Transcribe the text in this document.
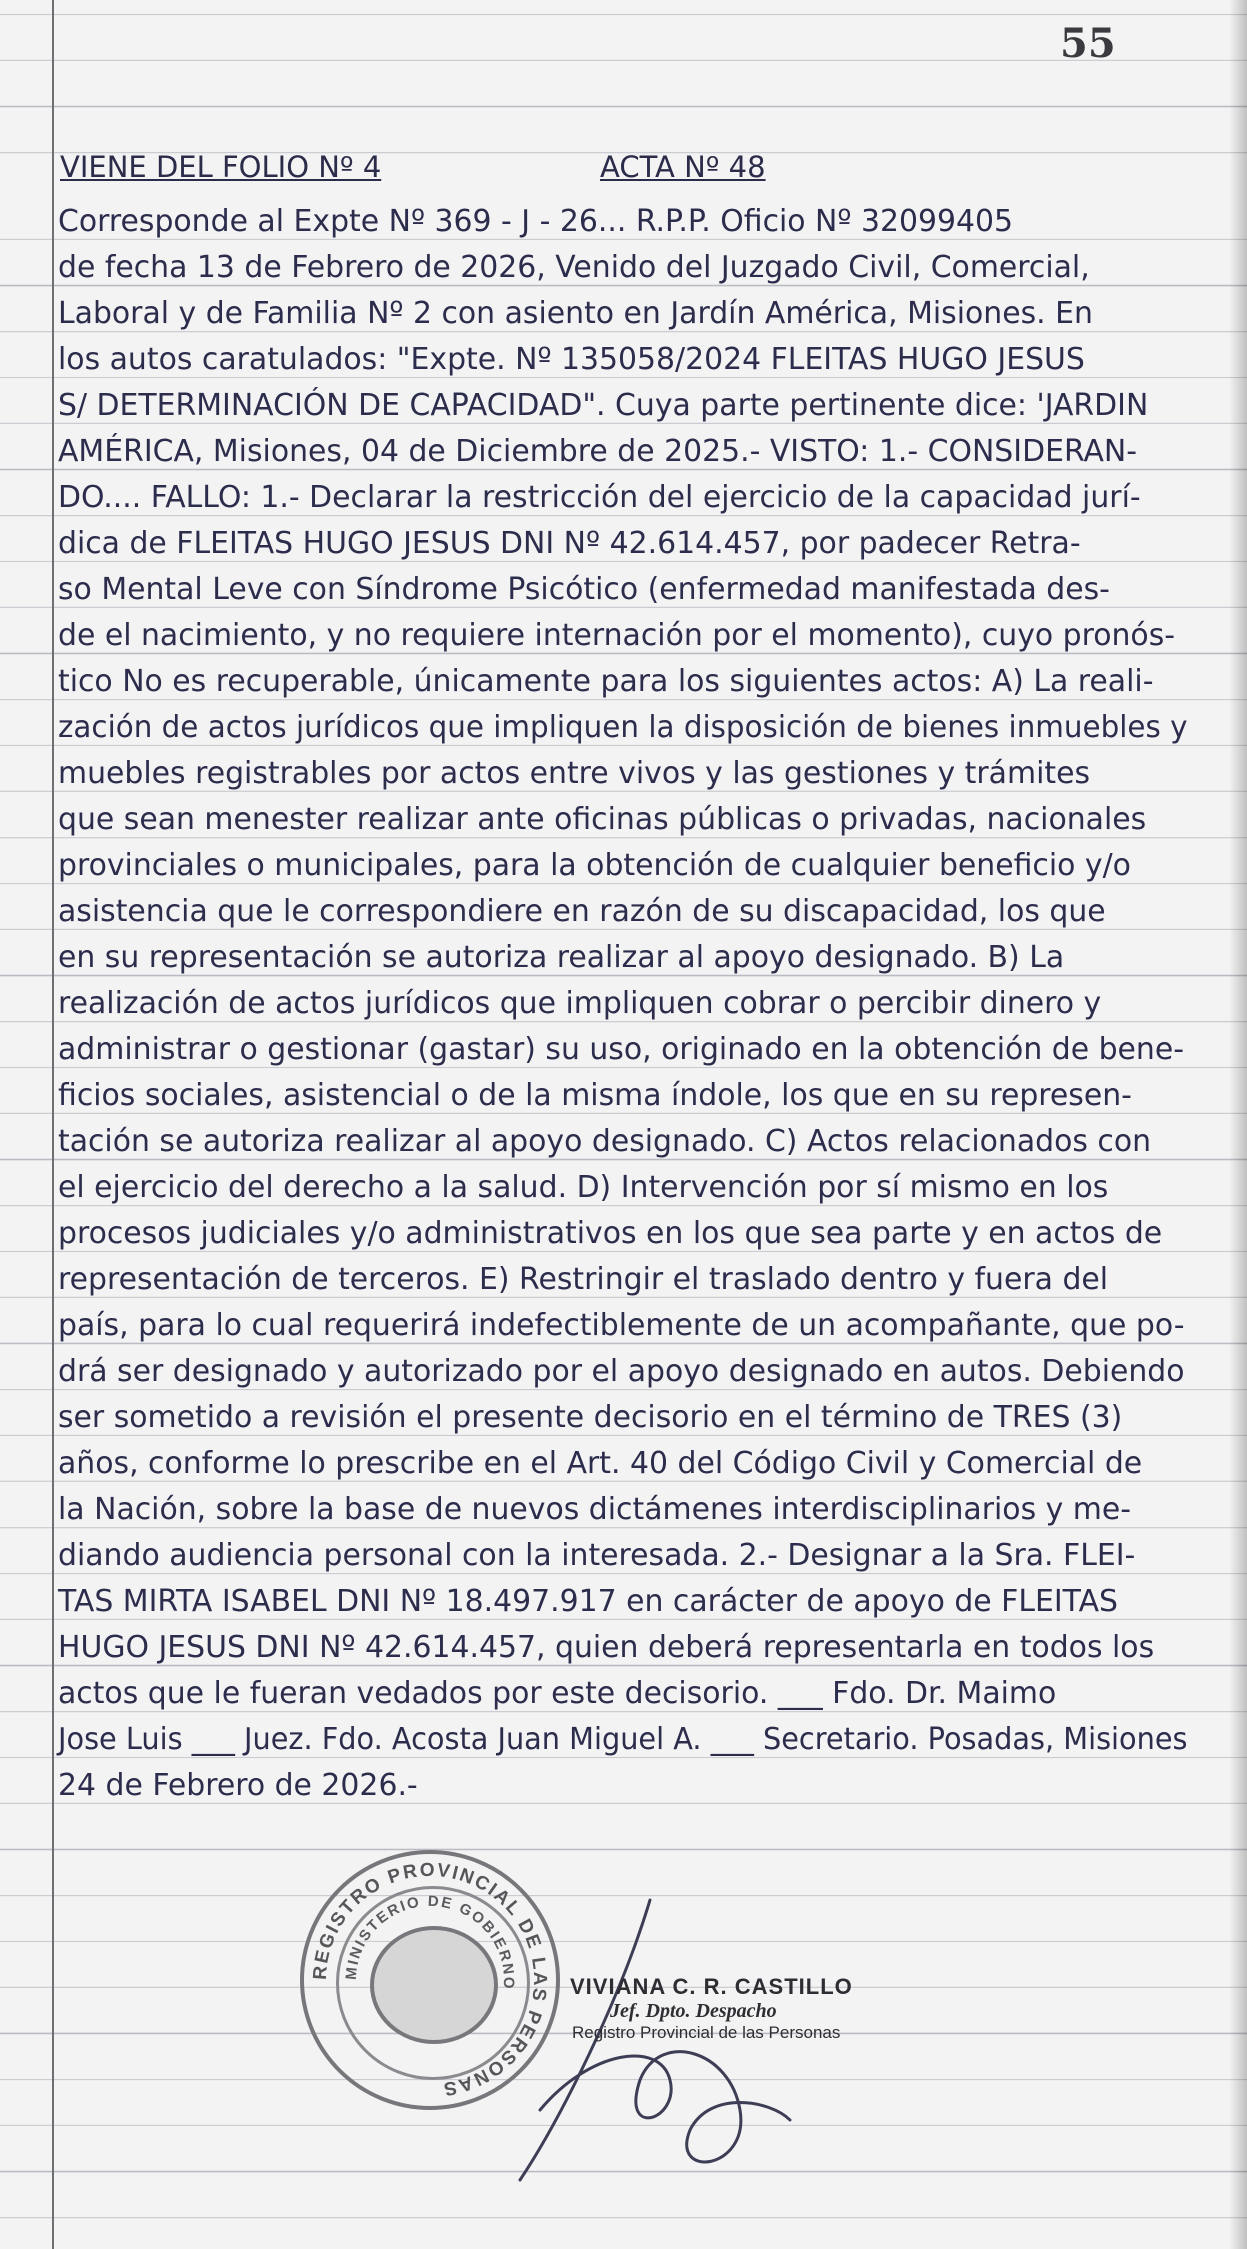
55
VIENE DEL FOLIO Nº 4	ACTA Nº 48
Corresponde al Expte Nº 369 - J - 26... R.P.P. Oficio Nº 32099405
de fecha 13 de Febrero de 2026, Venido del Juzgado Civil, Comercial,
Laboral y de Familia Nº 2 con asiento en Jardín América, Misiones. En
los autos caratulados: "Expte. Nº 135058/2024 FLEITAS HUGO JESUS
S/ DETERMINACIÓN DE CAPACIDAD". Cuya parte pertinente dice: 'JARDIN
AMÉRICA, Misiones, 04 de Diciembre de 2025.- VISTO: 1.- CONSIDERAN-
DO.... FALLO: 1.- Declarar la restricción del ejercicio de la capacidad jurí-
dica de FLEITAS HUGO JESUS DNI Nº 42.614.457, por padecer Retra-
so Mental Leve con Síndrome Psicótico (enfermedad manifestada des-
de el nacimiento, y no requiere internación por el momento), cuyo pronós-
tico No es recuperable, únicamente para los siguientes actos: A) La reali-
zación de actos jurídicos que impliquen la disposición de bienes inmuebles y
muebles registrables por actos entre vivos y las gestiones y trámites
que sean menester realizar ante oficinas públicas o privadas, nacionales
provinciales o municipales, para la obtención de cualquier beneficio y/o
asistencia que le correspondiere en razón de su discapacidad, los que
en su representación se autoriza realizar al apoyo designado. B) La
realización de actos jurídicos que impliquen cobrar o percibir dinero y
administrar o gestionar (gastar) su uso, originado en la obtención de bene-
ficios sociales, asistencial o de la misma índole, los que en su represen-
tación se autoriza realizar al apoyo designado. C) Actos relacionados con
el ejercicio del derecho a la salud. D) Intervención por sí mismo en los
procesos judiciales y/o administrativos en los que sea parte y en actos de
representación de terceros. E) Restringir el traslado dentro y fuera del
país, para lo cual requerirá indefectiblemente de un acompañante, que po-
drá ser designado y autorizado por el apoyo designado en autos. Debiendo
ser sometido a revisión el presente decisorio en el término de TRES (3)
años, conforme lo prescribe en el Art. 40 del Código Civil y Comercial de
la Nación, sobre la base de nuevos dictámenes interdisciplinarios y me-
diando audiencia personal con la interesada. 2.- Designar a la Sra. FLEI-
TAS MIRTA ISABEL DNI Nº 18.497.917 en carácter de apoyo de FLEITAS
HUGO JESUS DNI Nº 42.614.457, quien deberá representarla en todos los
actos que le fueran vedados por este decisorio. ___ Fdo. Dr. Maimo
Jose Luis ___ Juez. Fdo. Acosta Juan Miguel A. ___ Secretario. Posadas, Misiones
24 de Febrero de 2026.-
REGISTRO PROVINCIAL DE LAS PERSONAS
MINISTERIO DE GOBIERNO VIVIANA C. R. CASTILLO
Jef. Dpto. Despacho
Registro Provincial de las Personas
